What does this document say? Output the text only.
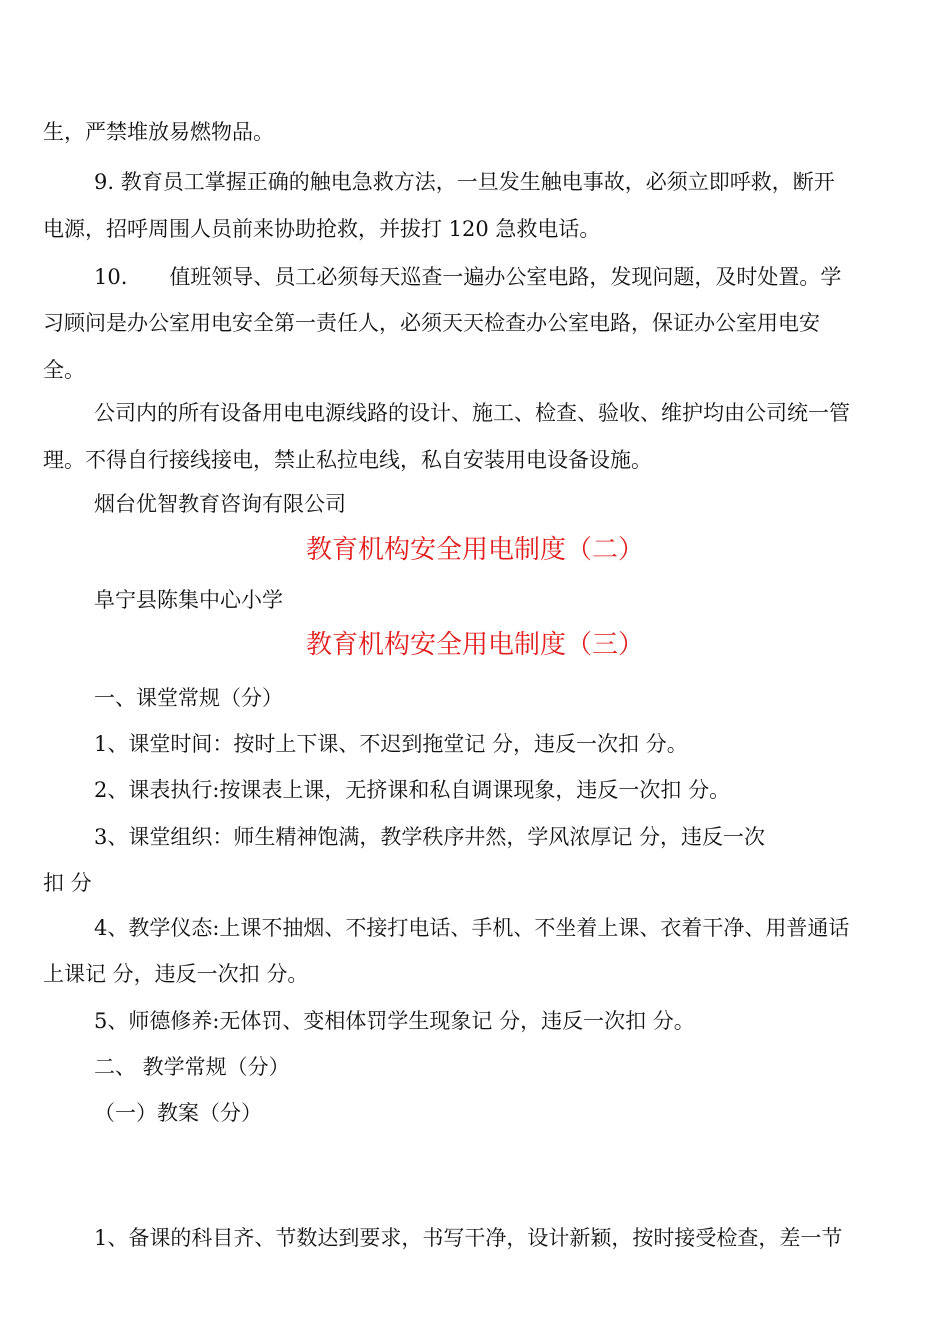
生，严禁堆放易燃物品。
9. 教育员工掌握正确的触电急救方法，一旦发生触电事故，必须立即呼救，断开
电源，招呼周围人员前来协助抢救，并拔打 120 急救电话。
10.　　值班领导、员工必须每天巡查一遍办公室电路，发现问题，及时处置。学
习顾问是办公室用电安全第一责任人，必须天天检查办公室电路，保证办公室用电安
全。
公司内的所有设备用电电源线路的设计、施工、检查、验收、维护均由公司统一管
理。不得自行接线接电，禁止私拉电线，私自安装用电设备设施。
烟台优智教育咨询有限公司
教育机构安全用电制度（二）
阜宁县陈集中心小学
教育机构安全用电制度（三）
一、课堂常规（分）
1、课堂时间：按时上下课、不迟到拖堂记 分，违反一次扣 分。
2、课表执行:按课表上课，无挤课和私自调课现象，违反一次扣 分。
3、课堂组织：师生精神饱满，教学秩序井然，学风浓厚记 分，违反一次
扣 分
4、教学仪态:上课不抽烟、不接打电话、手机、不坐着上课、衣着干净、用普通话
上课记 分，违反一次扣 分。
5、师德修养:无体罚、变相体罚学生现象记 分，违反一次扣 分。
二、 教学常规（分）
（一）教案（分）
1、备课的科目齐、节数达到要求，书写干净，设计新颖，按时接受检查，差一节
